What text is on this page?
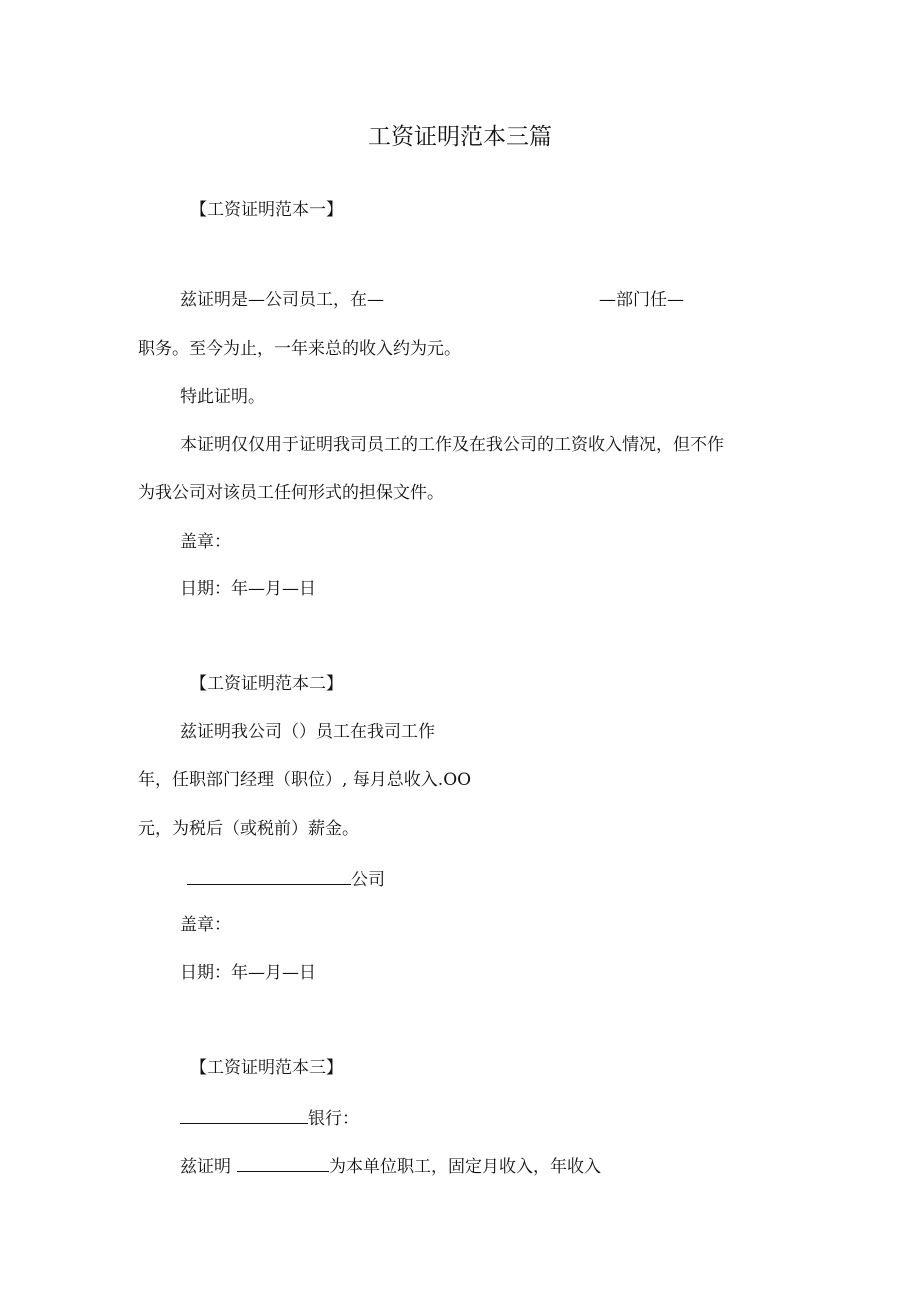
工资证明范本三篇
【工资证明范本一】
兹证明是—公司员工，在—	—部门任—
职务。至今为止，一年来总的收入约为元。
特此证明。
本证明仅仅用于证明我司员工的工作及在我公司的工资收入情况，但不作
为我公司对该员工任何形式的担保文件。
盖章：
日期：年—月—日
【工资证明范本二】
兹证明我公司（）员工在我司工作
年，任职部门经理（职位）, 每月总收入.OO
元，为税后（或税前）薪金。
公司
盖章：
日期：年—月—日
【工资证明范本三】
银行：
兹证明	为本单位职工，固定月收入，年收入
